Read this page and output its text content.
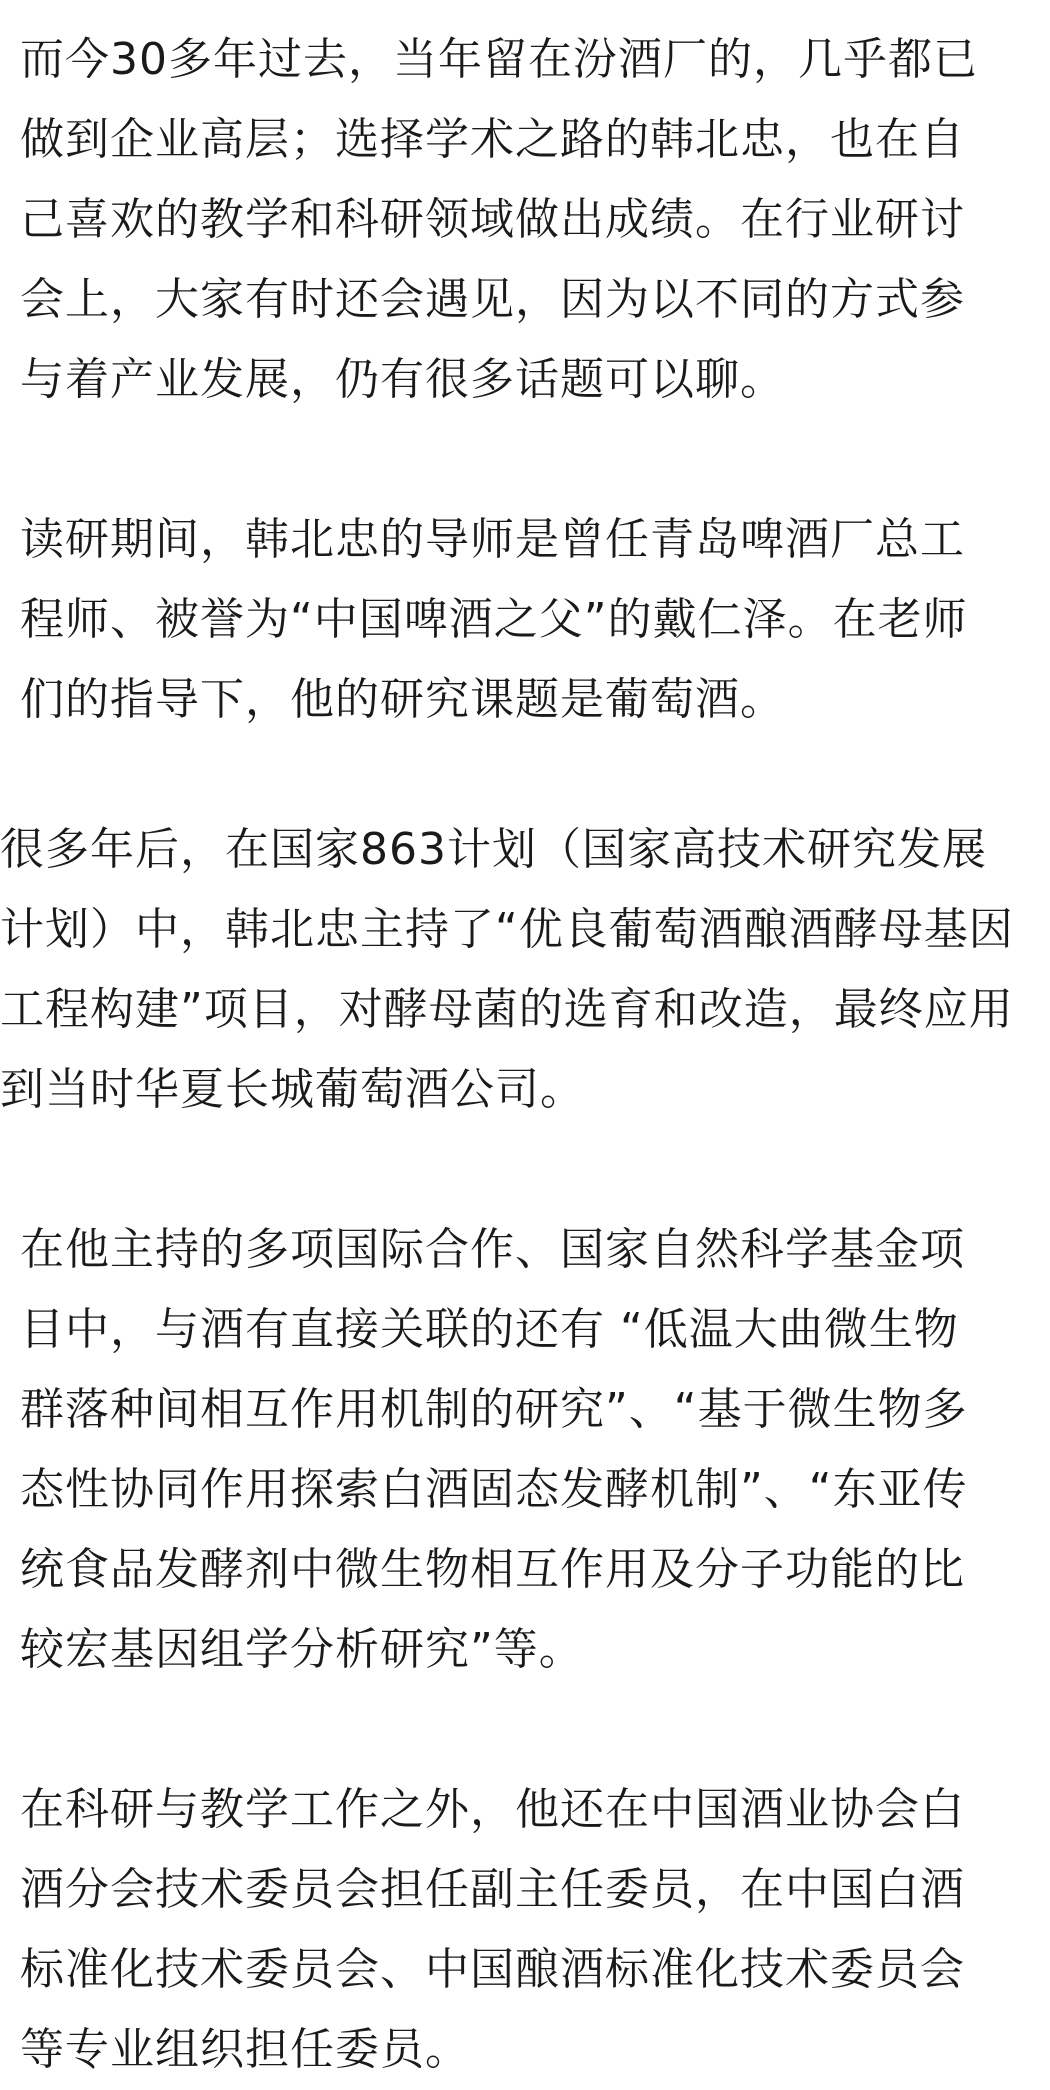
而今30多年过去，当年留在汾酒厂的，几乎都已
做到企业高层；选择学术之路的韩北忠，也在自
己喜欢的教学和科研领域做出成绩。在行业研讨
会上，大家有时还会遇见，因为以不同的方式参
与着产业发展，仍有很多话题可以聊。
读研期间，韩北忠的导师是曾任青岛啤酒厂总工
程师、被誉为“中国啤酒之父”的戴仁泽。在老师
们的指导下，他的研究课题是葡萄酒。
很多年后，在国家863计划（国家高技术研究发展
计划）中，韩北忠主持了“优良葡萄酒酿酒酵母基因
工程构建”项目，对酵母菌的选育和改造，最终应用
到当时华夏长城葡萄酒公司。
在他主持的多项国际合作、国家自然科学基金项
目中，与酒有直接关联的还有 “低温大曲微生物
群落种间相互作用机制的研究”、“基于微生物多
态性协同作用探索白酒固态发酵机制”、“东亚传
统食品发酵剂中微生物相互作用及分子功能的比
较宏基因组学分析研究”等。
在科研与教学工作之外，他还在中国酒业协会白
酒分会技术委员会担任副主任委员，在中国白酒
标准化技术委员会、中国酿酒标准化技术委员会
等专业组织担任委员。
